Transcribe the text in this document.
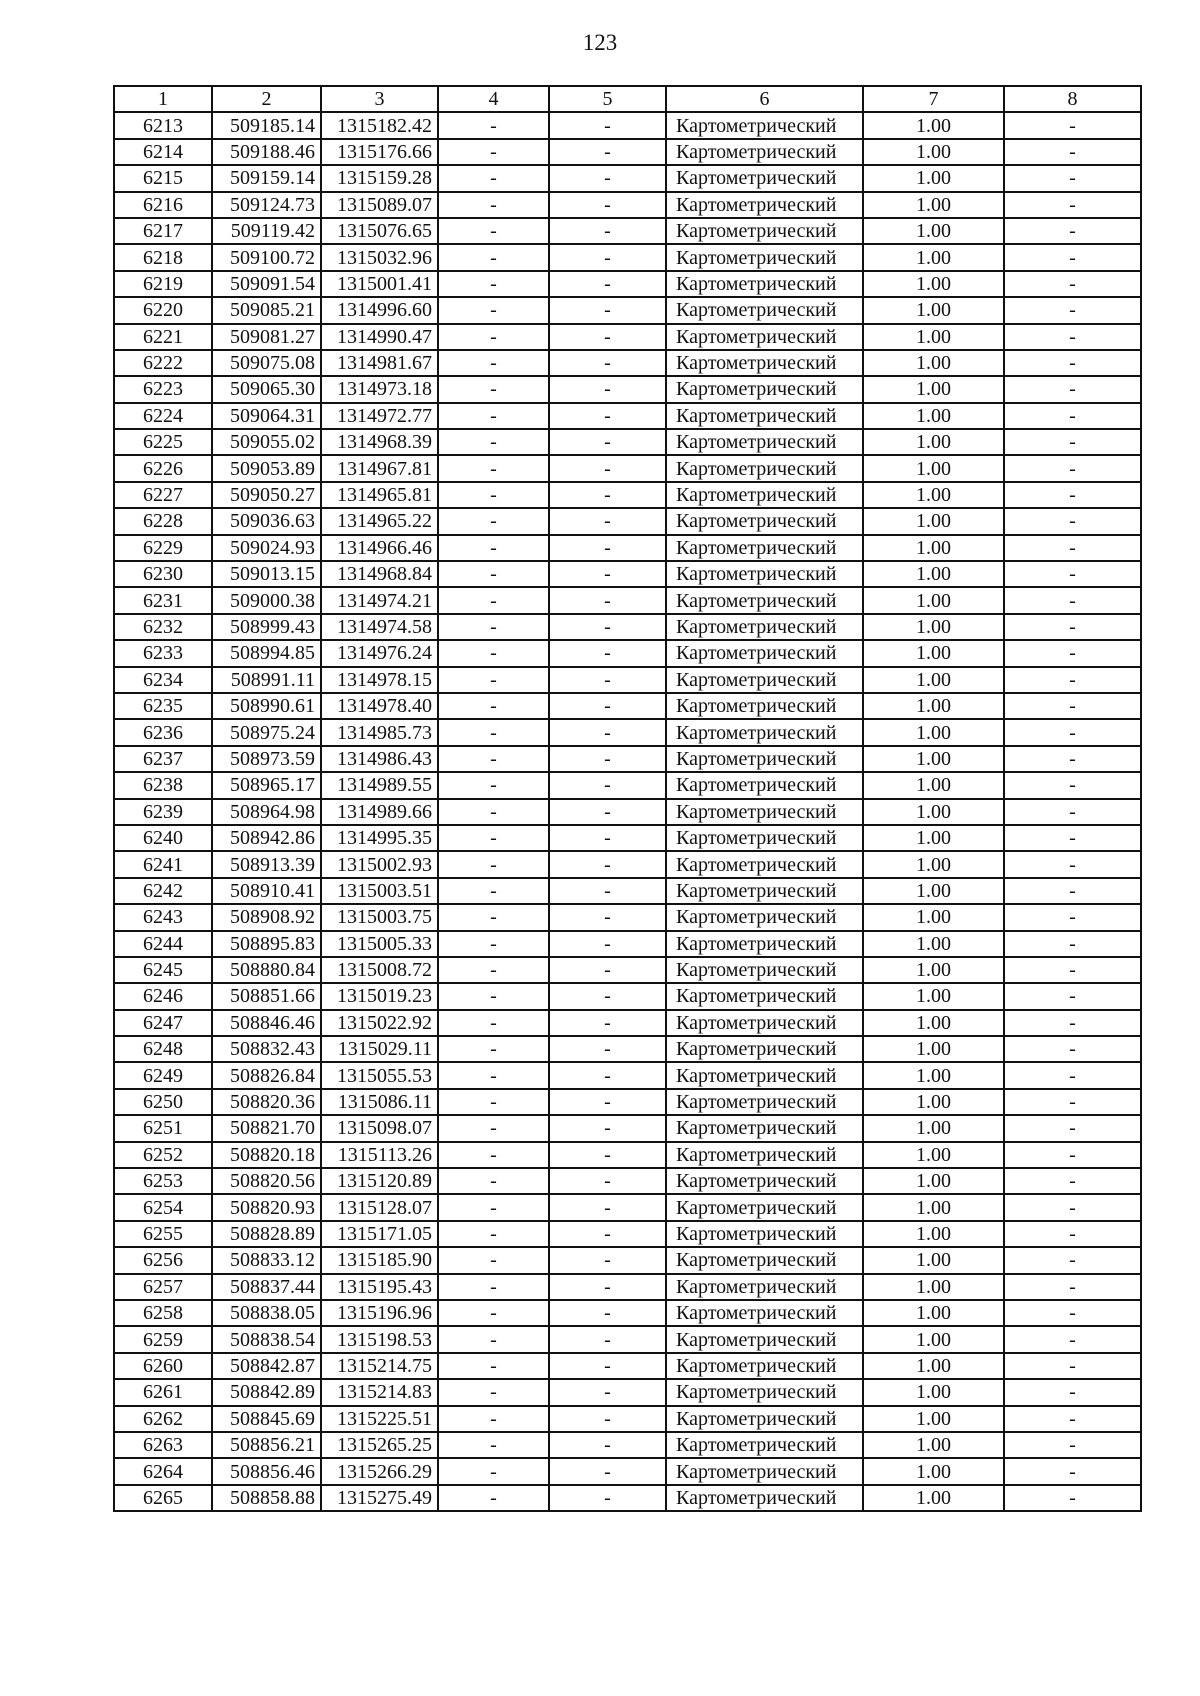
123
1	2	3	4	5	6	7	8
6213	509185.14	1315182.42	-	-	Картометрический	1.00	-
6214	509188.46	1315176.66	-	-	Картометрический	1.00	-
6215	509159.14	1315159.28	-	-	Картометрический	1.00	-
6216	509124.73	1315089.07	-	-	Картометрический	1.00	-
6217	509119.42	1315076.65	-	-	Картометрический	1.00	-
6218	509100.72	1315032.96	-	-	Картометрический	1.00	-
6219	509091.54	1315001.41	-	-	Картометрический	1.00	-
6220	509085.21	1314996.60	-	-	Картометрический	1.00	-
6221	509081.27	1314990.47	-	-	Картометрический	1.00	-
6222	509075.08	1314981.67	-	-	Картометрический	1.00	-
6223	509065.30	1314973.18	-	-	Картометрический	1.00	-
6224	509064.31	1314972.77	-	-	Картометрический	1.00	-
6225	509055.02	1314968.39	-	-	Картометрический	1.00	-
6226	509053.89	1314967.81	-	-	Картометрический	1.00	-
6227	509050.27	1314965.81	-	-	Картометрический	1.00	-
6228	509036.63	1314965.22	-	-	Картометрический	1.00	-
6229	509024.93	1314966.46	-	-	Картометрический	1.00	-
6230	509013.15	1314968.84	-	-	Картометрический	1.00	-
6231	509000.38	1314974.21	-	-	Картометрический	1.00	-
6232	508999.43	1314974.58	-	-	Картометрический	1.00	-
6233	508994.85	1314976.24	-	-	Картометрический	1.00	-
6234	508991.11	1314978.15	-	-	Картометрический	1.00	-
6235	508990.61	1314978.40	-	-	Картометрический	1.00	-
6236	508975.24	1314985.73	-	-	Картометрический	1.00	-
6237	508973.59	1314986.43	-	-	Картометрический	1.00	-
6238	508965.17	1314989.55	-	-	Картометрический	1.00	-
6239	508964.98	1314989.66	-	-	Картометрический	1.00	-
6240	508942.86	1314995.35	-	-	Картометрический	1.00	-
6241	508913.39	1315002.93	-	-	Картометрический	1.00	-
6242	508910.41	1315003.51	-	-	Картометрический	1.00	-
6243	508908.92	1315003.75	-	-	Картометрический	1.00	-
6244	508895.83	1315005.33	-	-	Картометрический	1.00	-
6245	508880.84	1315008.72	-	-	Картометрический	1.00	-
6246	508851.66	1315019.23	-	-	Картометрический	1.00	-
6247	508846.46	1315022.92	-	-	Картометрический	1.00	-
6248	508832.43	1315029.11	-	-	Картометрический	1.00	-
6249	508826.84	1315055.53	-	-	Картометрический	1.00	-
6250	508820.36	1315086.11	-	-	Картометрический	1.00	-
6251	508821.70	1315098.07	-	-	Картометрический	1.00	-
6252	508820.18	1315113.26	-	-	Картометрический	1.00	-
6253	508820.56	1315120.89	-	-	Картометрический	1.00	-
6254	508820.93	1315128.07	-	-	Картометрический	1.00	-
6255	508828.89	1315171.05	-	-	Картометрический	1.00	-
6256	508833.12	1315185.90	-	-	Картометрический	1.00	-
6257	508837.44	1315195.43	-	-	Картометрический	1.00	-
6258	508838.05	1315196.96	-	-	Картометрический	1.00	-
6259	508838.54	1315198.53	-	-	Картометрический	1.00	-
6260	508842.87	1315214.75	-	-	Картометрический	1.00	-
6261	508842.89	1315214.83	-	-	Картометрический	1.00	-
6262	508845.69	1315225.51	-	-	Картометрический	1.00	-
6263	508856.21	1315265.25	-	-	Картометрический	1.00	-
6264	508856.46	1315266.29	-	-	Картометрический	1.00	-
6265	508858.88	1315275.49	-	-	Картометрический	1.00	-
